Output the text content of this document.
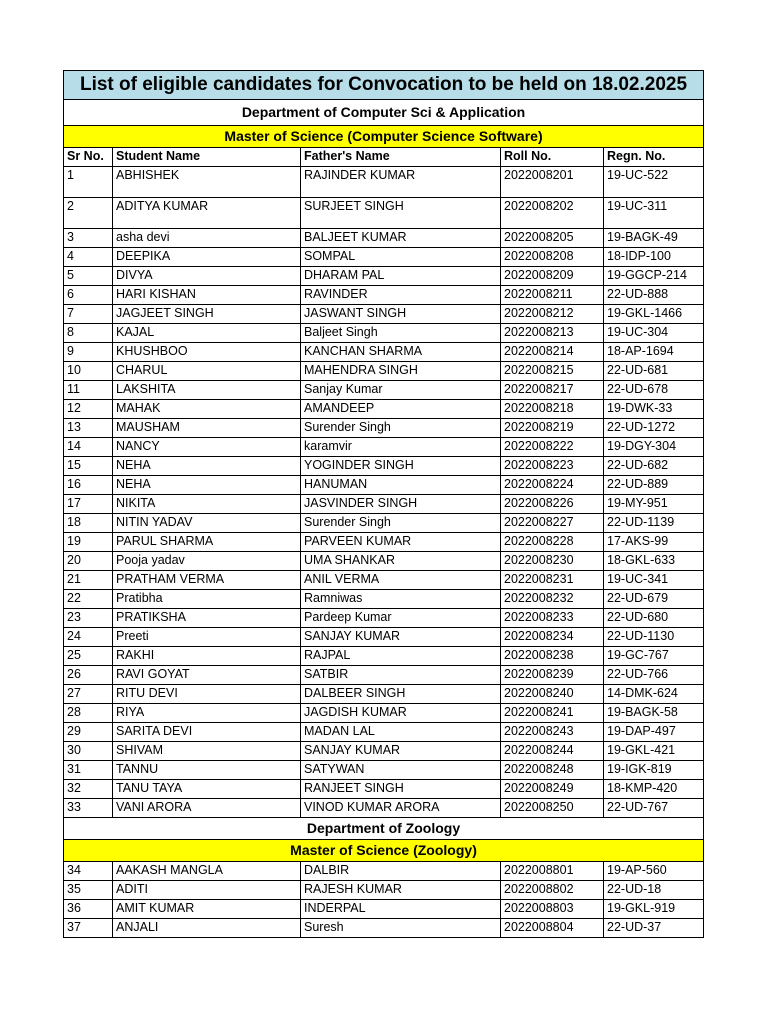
List of eligible candidates for Convocation to be held on 18.02.2025				
Department of Computer Sci & Application				
Master of Science (Computer Science Software)				
Sr No.	Student Name	Father's Name	Roll No.	Regn. No.
1	ABHISHEK	RAJINDER KUMAR	2022008201	19-UC-522
2	ADITYA KUMAR	SURJEET SINGH	2022008202	19-UC-311
3	asha devi	BALJEET KUMAR	2022008205	19-BAGK-49
4	DEEPIKA	SOMPAL	2022008208	18-IDP-100
5	DIVYA	DHARAM PAL	2022008209	19-GGCP-214
6	HARI KISHAN	RAVINDER	2022008211	22-UD-888
7	JAGJEET SINGH	JASWANT SINGH	2022008212	19-GKL-1466
8	KAJAL	Baljeet Singh	2022008213	19-UC-304
9	KHUSHBOO	KANCHAN SHARMA	2022008214	18-AP-1694
10	CHARUL	MAHENDRA SINGH	2022008215	22-UD-681
11	LAKSHITA	Sanjay Kumar	2022008217	22-UD-678
12	MAHAK	AMANDEEP	2022008218	19-DWK-33
13	MAUSHAM	Surender Singh	2022008219	22-UD-1272
14	NANCY	karamvir	2022008222	19-DGY-304
15	NEHA	YOGINDER SINGH	2022008223	22-UD-682
16	NEHA	HANUMAN	2022008224	22-UD-889
17	NIKITA	JASVINDER SINGH	2022008226	19-MY-951
18	NITIN YADAV	Surender Singh	2022008227	22-UD-1139
19	PARUL SHARMA	PARVEEN KUMAR	2022008228	17-AKS-99
20	Pooja yadav	UMA SHANKAR	2022008230	18-GKL-633
21	PRATHAM VERMA	ANIL VERMA	2022008231	19-UC-341
22	Pratibha	Ramniwas	2022008232	22-UD-679
23	PRATIKSHA	Pardeep Kumar	2022008233	22-UD-680
24	Preeti	SANJAY KUMAR	2022008234	22-UD-1130
25	RAKHI	RAJPAL	2022008238	19-GC-767
26	RAVI GOYAT	SATBIR	2022008239	22-UD-766
27	RITU DEVI	DALBEER SINGH	2022008240	14-DMK-624
28	RIYA	JAGDISH KUMAR	2022008241	19-BAGK-58
29	SARITA DEVI	MADAN LAL	2022008243	19-DAP-497
30	SHIVAM	SANJAY KUMAR	2022008244	19-GKL-421
31	TANNU	SATYWAN	2022008248	19-IGK-819
32	TANU TAYA	RANJEET SINGH	2022008249	18-KMP-420
33	VANI ARORA	VINOD KUMAR ARORA	2022008250	22-UD-767
Department of Zoology				
Master of Science (Zoology)				
34	AAKASH MANGLA	DALBIR	2022008801	19-AP-560
35	ADITI	RAJESH KUMAR	2022008802	22-UD-18
36	AMIT KUMAR	INDERPAL	2022008803	19-GKL-919
37	ANJALI	Suresh	2022008804	22-UD-37
